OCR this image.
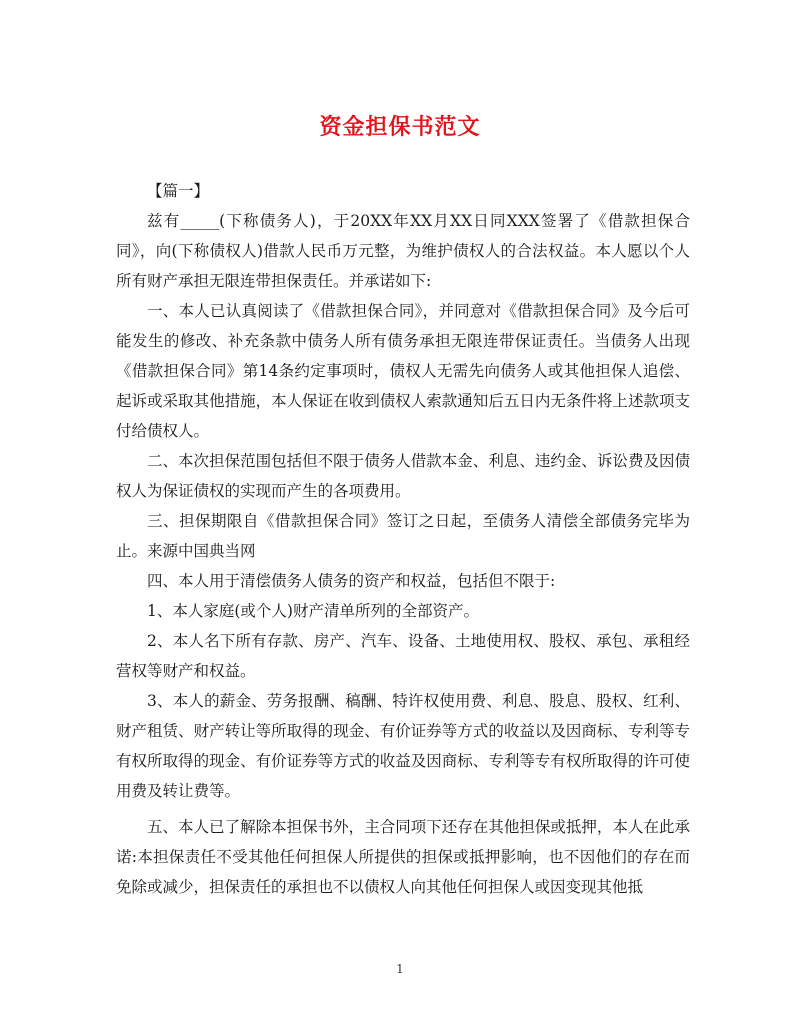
资金担保书范文

【篇一】

兹有_____(下称债务人)，于20XX年XX月XX日同XXX签署了《借款担保合同》，向(下称债权人)借款人民币万元整，为维护债权人的合法权益。本人愿以个人所有财产承担无限连带担保责任。并承诺如下:

一、本人已认真阅读了《借款担保合同》，并同意对《借款担保合同》及今后可能发生的修改、补充条款中债务人所有债务承担无限连带保证责任。当债务人出现《借款担保合同》第14条约定事项时，债权人无需先向债务人或其他担保人追偿、起诉或采取其他措施，本人保证在收到债权人索款通知后五日内无条件将上述款项支付给债权人。

二、本次担保范围包括但不限于债务人借款本金、利息、违约金、诉讼费及因债权人为保证债权的实现而产生的各项费用。

三、担保期限自《借款担保合同》签订之日起，至债务人清偿全部债务完毕为止。来源中国典当网

四、本人用于清偿债务人债务的资产和权益，包括但不限于:

1、本人家庭(或个人)财产清单所列的全部资产。

2、本人名下所有存款、房产、汽车、设备、土地使用权、股权、承包、承租经营权等财产和权益。

3、本人的薪金、劳务报酬、稿酬、特许权使用费、利息、股息、股权、红利、财产租赁、财产转让等所取得的现金、有价证券等方式的收益以及因商标、专利等专有权所取得的现金、有价证券等方式的收益及因商标、专利等专有权所取得的许可使用费及转让费等。

五、本人已了解除本担保书外，主合同项下还存在其他担保或抵押，本人在此承诺:本担保责任不受其他任何担保人所提供的担保或抵押影响，也不因他们的存在而免除或减少，担保责任的承担也不以债权人向其他任何担保人或因变现其他抵

1
